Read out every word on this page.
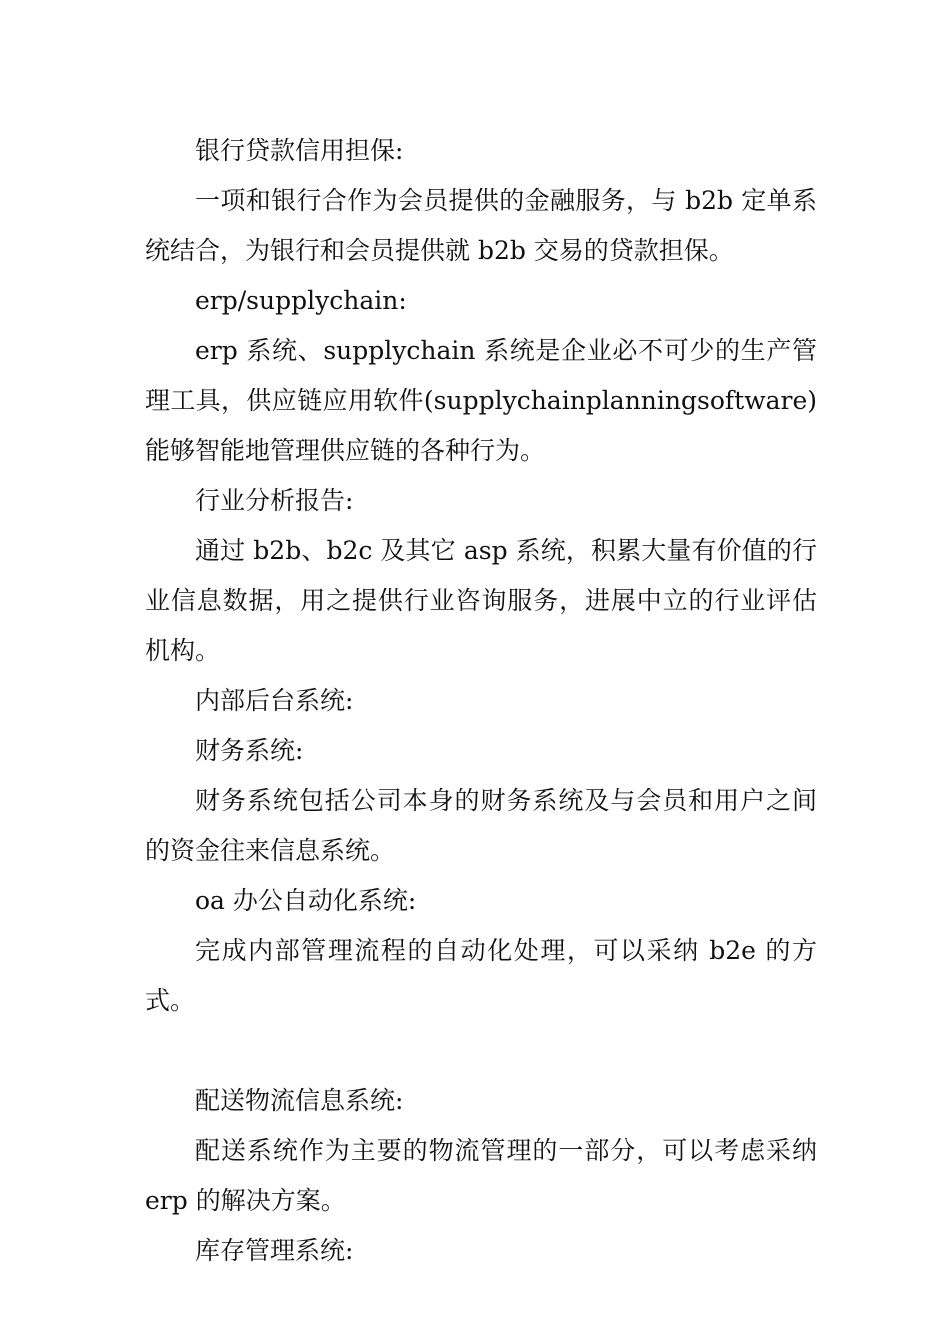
银行贷款信用担保:

一项和银行合作为会员提供的金融服务，与 b2b 定单系统结合，为银行和会员提供就 b2b 交易的贷款担保。

erp/supplychain:

erp 系统、supplychain 系统是企业必不可少的生产管理工具，供应链应用软件(supplychainplanningsoftware)能够智能地管理供应链的各种行为。

行业分析报告:

通过 b2b、b2c 及其它 asp 系统，积累大量有价值的行业信息数据，用之提供行业咨询服务，进展中立的行业评估机构。

内部后台系统:

财务系统:

财务系统包括公司本身的财务系统及与会员和用户之间的资金往来信息系统。

oa 办公自动化系统:

完成内部管理流程的自动化处理，可以采纳 b2e 的方式。

配送物流信息系统:

配送系统作为主要的物流管理的一部分，可以考虑采纳 erp 的解决方案。

库存管理系统:
